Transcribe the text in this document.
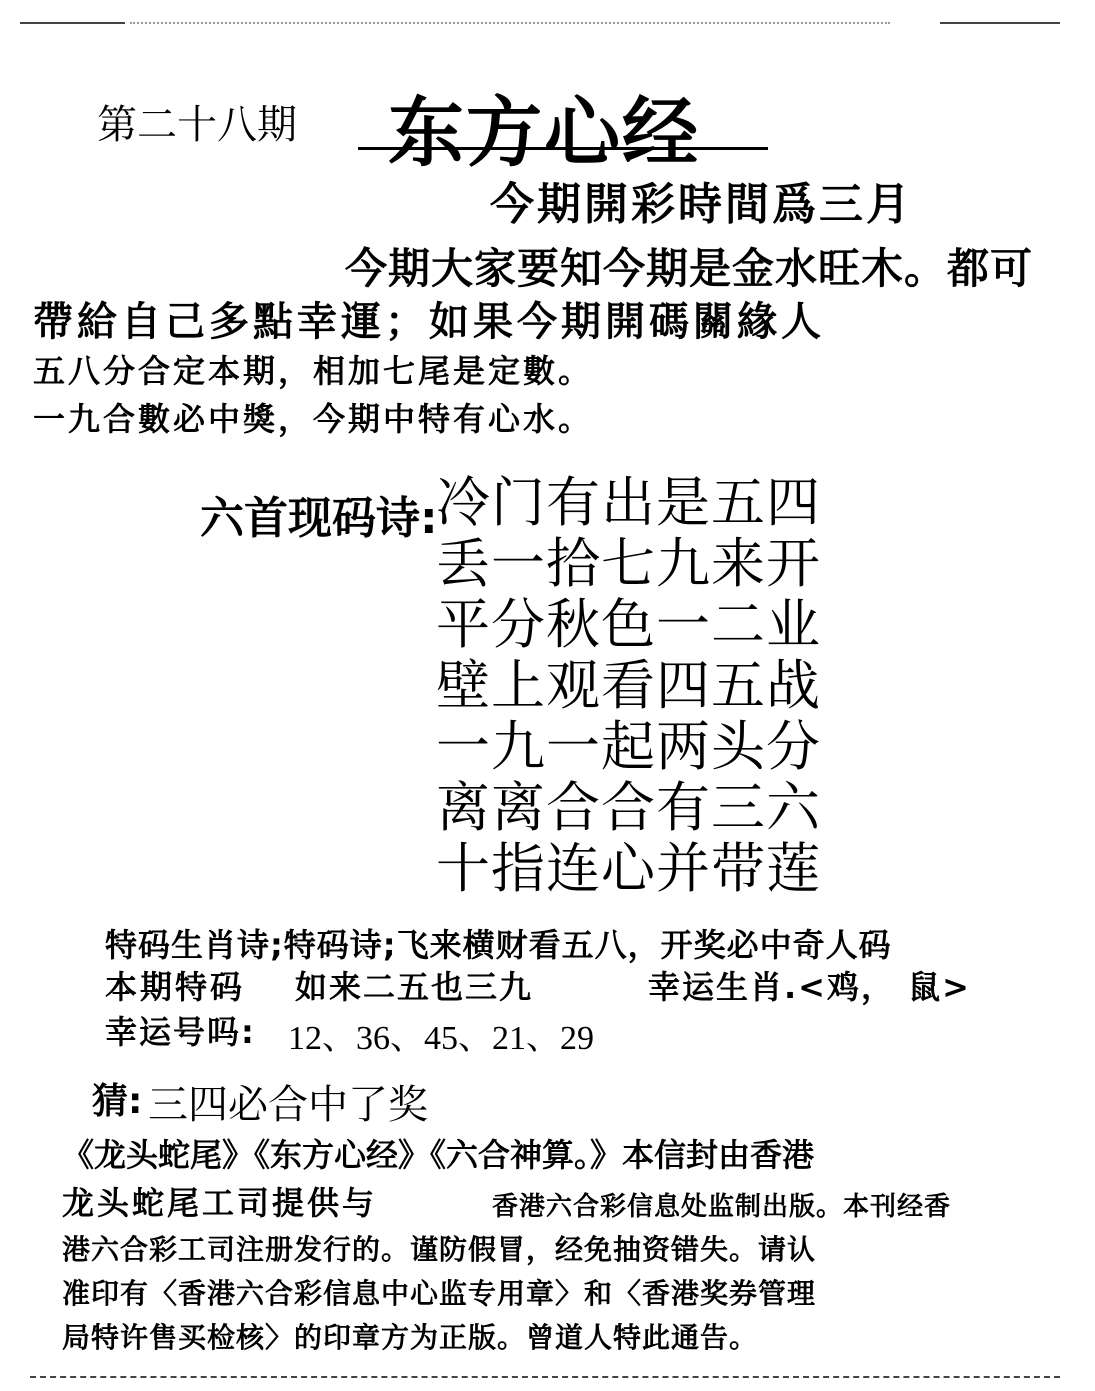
第二十八期 东方心经
今期開彩時間爲三月
今期大家要知今期是金水旺木。都可
帶給自己多點幸運；如果今期開碼關緣人
五八分合定本期，相加七尾是定數。
一九合數必中獎，今期中特有心水。
六首现码诗:
冷门有出是五四
丢一拾七九来开
平分秋色一二业
壁上观看四五战
一九一起两头分
离离合合有三六
十指连心并带莲
特码生肖诗;特码诗;飞来横财看五八，开奖必中奇人码
本期特码 如来二五也三九	幸运生肖.<鸡， 鼠>
幸运号吗: 12、36、45、21、29
猜: 三四必合中了奖
《龙头蛇尾》《东方心经》《六合神算。》本信封由香港
龙头蛇尾工司提供与	香港六合彩信息处监制出版。本刊经香
港六合彩工司注册发行的。谨防假冒，经免抽资错失。请认
准印有〈香港六合彩信息中心监专用章〉和〈香港奖券管理
局特许售买检核〉的印章方为正版。曾道人特此通告。
